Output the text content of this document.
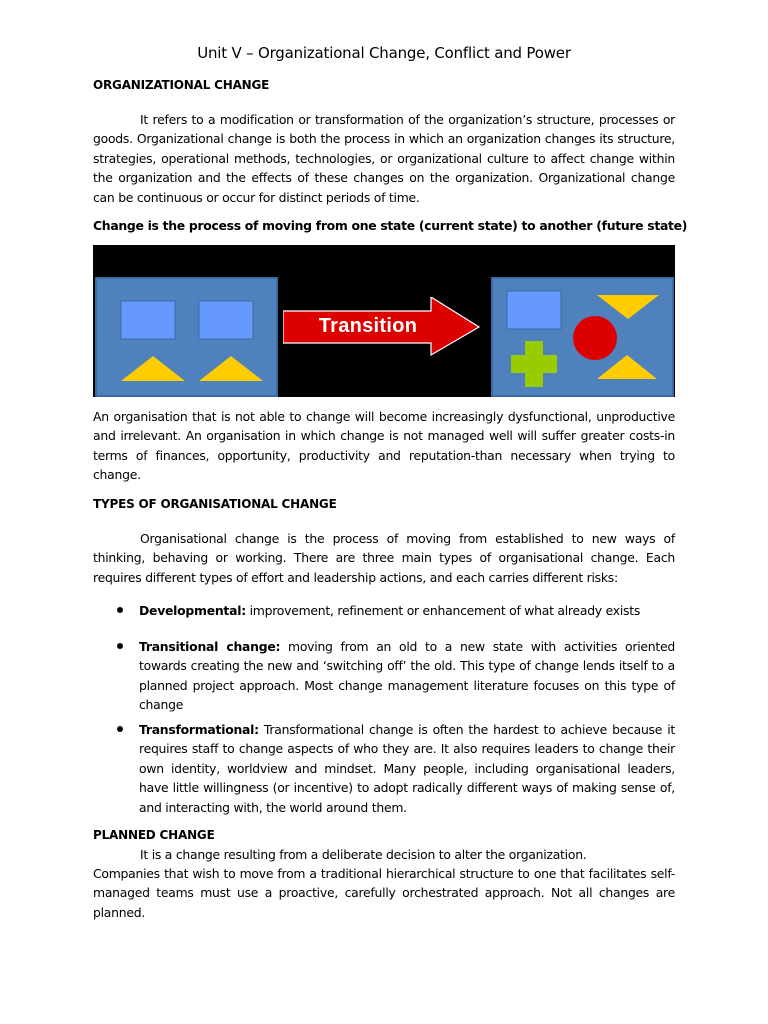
Unit V – Organizational Change, Conflict and Power
ORGANIZATIONAL CHANGE
It refers to a modification or transformation of the organization’s structure, processes or goods. Organizational change is both the process in which an organization changes its structure, strategies, operational methods, technologies, or organizational culture to affect change within the organization and the effects of these changes on the organization. Organizational change can be continuous or occur for distinct periods of time.
Change is the process of moving from one state (current state) to another (future state)
Transition
An organisation that is not able to change will become increasingly dysfunctional, unproductive and irrelevant. An organisation in which change is not managed well will suffer greater costs-in terms of finances, opportunity, productivity and reputation-than necessary when trying to change.
TYPES OF ORGANISATIONAL CHANGE
Organisational change is the process of moving from established to new ways of thinking, behaving or working. There are three main types of organisational change. Each requires different types of effort and leadership actions, and each carries different risks:
Developmental: improvement, refinement or enhancement of what already exists
Transitional change: moving from an old to a new state with activities oriented towards creating the new and ‘switching off’ the old. This type of change lends itself to a planned project approach. Most change management literature focuses on this type of change
Transformational: Transformational change is often the hardest to achieve because it requires staff to change aspects of who they are. It also requires leaders to change their own identity, worldview and mindset. Many people, including organisational leaders, have little willingness (or incentive) to adopt radically different ways of making sense of, and interacting with, the world around them.
PLANNED CHANGE
It is a change resulting from a deliberate decision to alter the organization.
Companies that wish to move from a traditional hierarchical structure to one that facilitates self-managed teams must use a proactive, carefully orchestrated approach. Not all changes are planned.
